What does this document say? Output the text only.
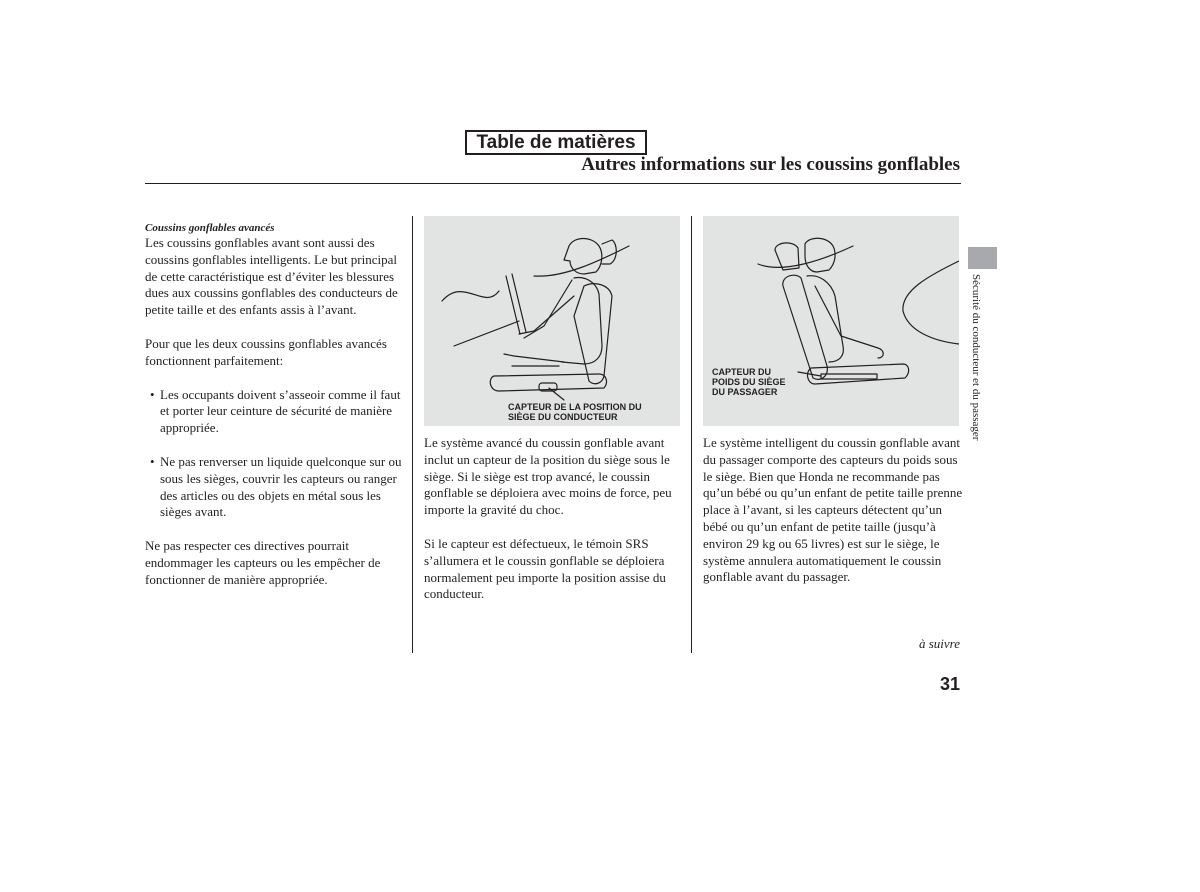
Table de matières
Autres informations sur les coussins gonflables

Coussins gonflables avancés

Les coussins gonflables avant sont aussi des coussins gonflables intelligents. Le but principal de cette caractéristique est d’éviter les blessures dues aux coussins gonflables des conducteurs de petite taille et des enfants assis à l’avant.

Pour que les deux coussins gonflables avancés fonctionnent parfaitement:

• Les occupants doivent s’asseoir comme il faut et porter leur ceinture de sécurité de manière appropriée.

• Ne pas renverser un liquide quelconque sur ou sous les sièges, couvrir les capteurs ou ranger des articles ou des objets en métal sous les sièges avant.

Ne pas respecter ces directives pourrait endommager les capteurs ou les empêcher de fonctionner de manière appropriée.

CAPTEUR DE LA POSITION DU
SIÈGE DU CONDUCTEUR

Le système avancé du coussin gonflable avant inclut un capteur de la position du siège sous le siège. Si le siège est trop avancé, le coussin gonflable se déploiera avec moins de force, peu importe la gravité du choc.

Si le capteur est défectueux, le témoin SRS s’allumera et le coussin gonflable se déploiera normalement peu importe la position assise du conducteur.

CAPTEUR DU
POIDS DU SIÈGE
DU PASSAGER

Le système intelligent du coussin gonflable avant du passager comporte des capteurs du poids sous le siège. Bien que Honda ne recommande pas qu’un bébé ou qu’un enfant de petite taille prenne place à l’avant, si les capteurs détectent qu’un bébé ou qu’un enfant de petite taille (jusqu’à environ 29 kg ou 65 livres) est sur le siège, le système annulera automatiquement le coussin gonflable avant du passager.

Sécurité du conducteur et du passager
à suivre
31
